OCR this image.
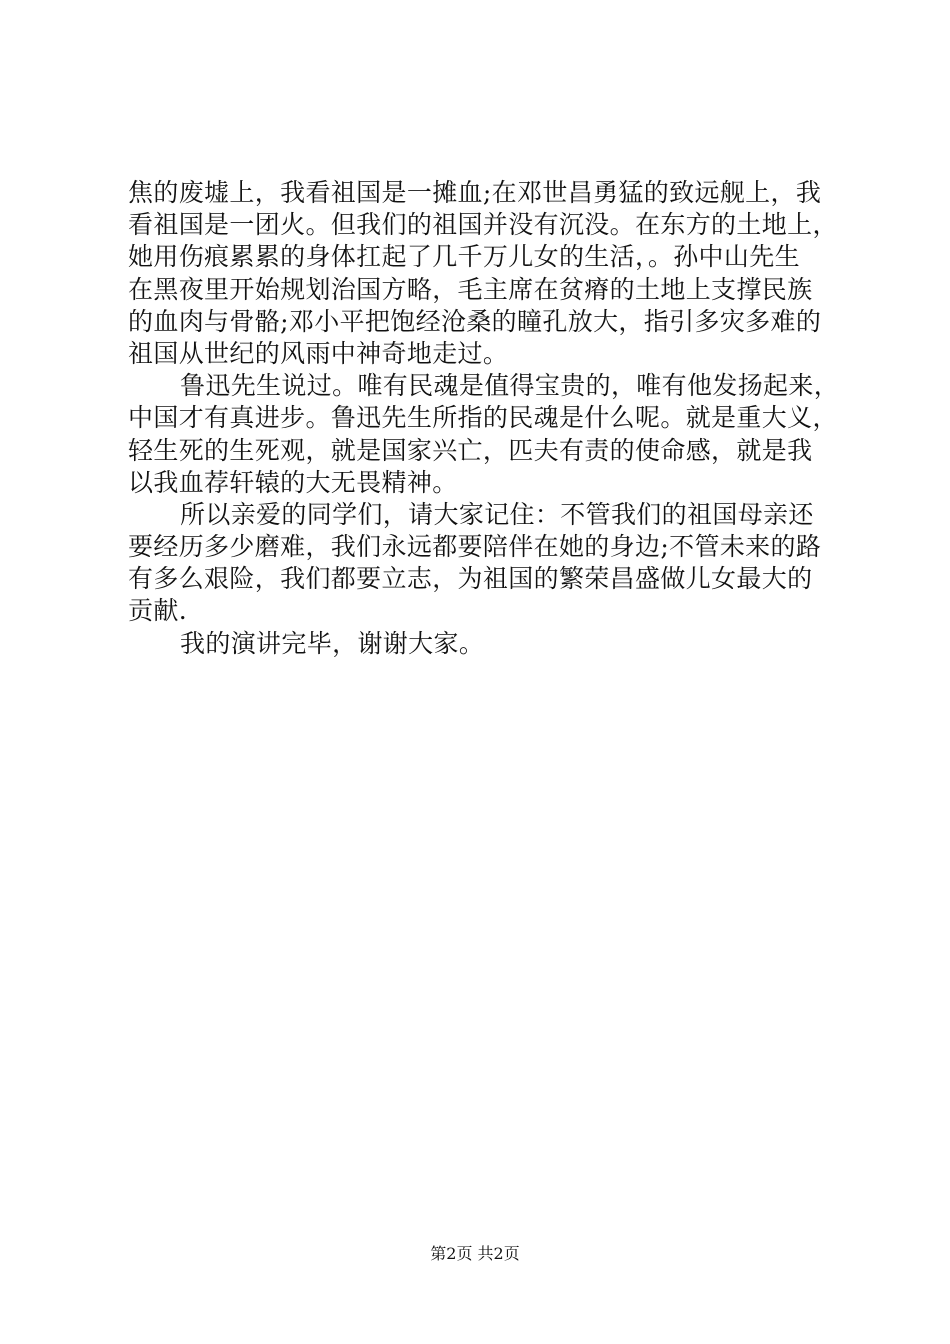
焦的废墟上，我看祖国是一摊血;在邓世昌勇猛的致远舰上，我
看祖国是一团火。但我们的祖国并没有沉没。在东方的土地上，
她用伤痕累累的身体扛起了几千万儿女的生活，。孙中山先生
在黑夜里开始规划治国方略，毛主席在贫瘠的土地上支撑民族
的血肉与骨骼;邓小平把饱经沧桑的瞳孔放大，指引多灾多难的
祖国从世纪的风雨中神奇地走过。
鲁迅先生说过。唯有民魂是值得宝贵的，唯有他发扬起来，
中国才有真进步。鲁迅先生所指的民魂是什么呢。就是重大义，
轻生死的生死观，就是国家兴亡，匹夫有责的使命感，就是我
以我血荐轩辕的大无畏精神。
所以亲爱的同学们，请大家记住：不管我们的祖国母亲还
要经历多少磨难，我们永远都要陪伴在她的身边;不管未来的路
有多么艰险，我们都要立志，为祖国的繁荣昌盛做儿女最大的
贡献.
我的演讲完毕，谢谢大家。
第2页 共2页
